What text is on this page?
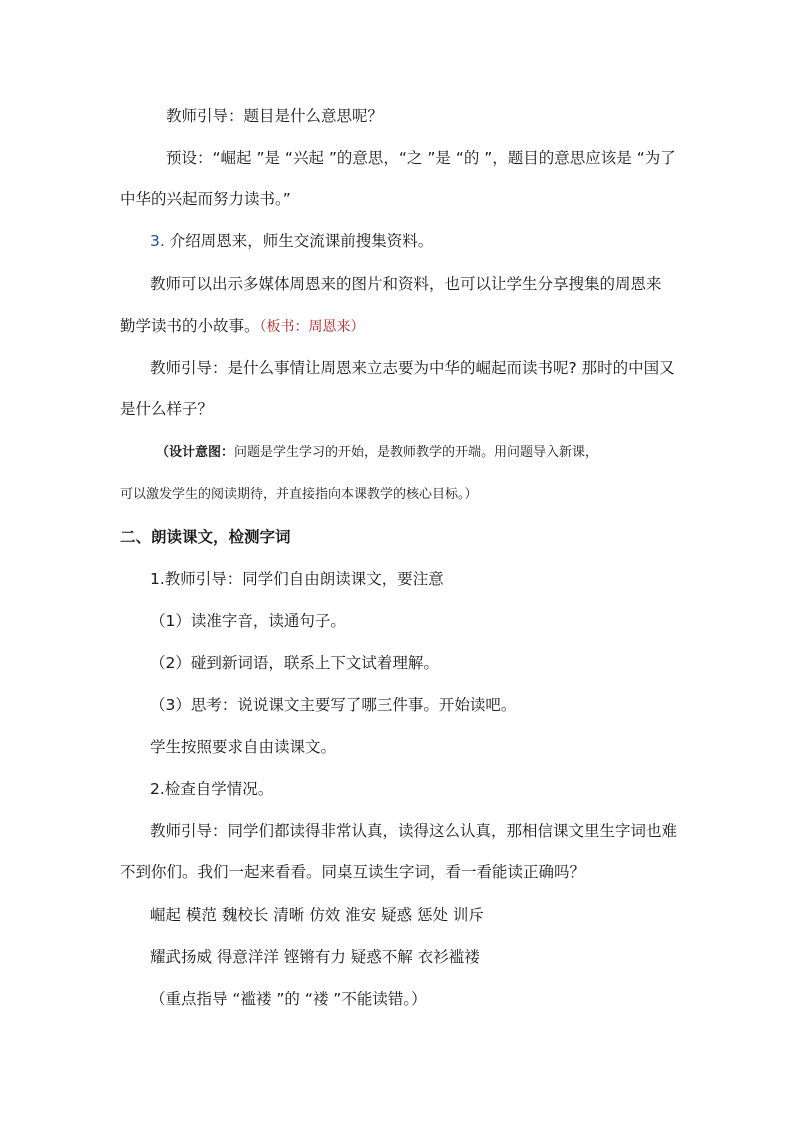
教师引导：题目是什么意思呢？
预设：“崛起 ”是 “兴起 ”的意思，“之 ”是 “的 ”，题目的意思应该是 “为了
中华的兴起而努力读书。”
3. 介绍周恩来，师生交流课前搜集资料。
教师可以出示多媒体周恩来的图片和资料，也可以让学生分享搜集的周恩来
勤学读书的小故事。（板书：周恩来）
教师引导：是什么事情让周恩来立志要为中华的崛起而读书呢? 那时的中国又
是什么样子？
（设计意图：问题是学生学习的开始，是教师教学的开端。用问题导入新课，
可以激发学生的阅读期待，并直接指向本课教学的核心目标。）
二、朗读课文，检测字词
1.教师引导：同学们自由朗读课文，要注意
（1）读准字音，读通句子。
（2）碰到新词语，联系上下文试着理解。
（3）思考：说说课文主要写了哪三件事。开始读吧。
学生按照要求自由读课文。
2.检查自学情况。
教师引导：同学们都读得非常认真，读得这么认真，那相信课文里生字词也难
不到你们。我们一起来看看。同桌互读生字词，看一看能读正确吗？
崛起 模范 魏校长 清晰 仿效 淮安 疑惑 惩处 训斥
耀武扬威 得意洋洋 铿锵有力 疑惑不解 衣衫褴褛
（重点指导 “褴褛 ”的 “褛 ”不能读错。）
